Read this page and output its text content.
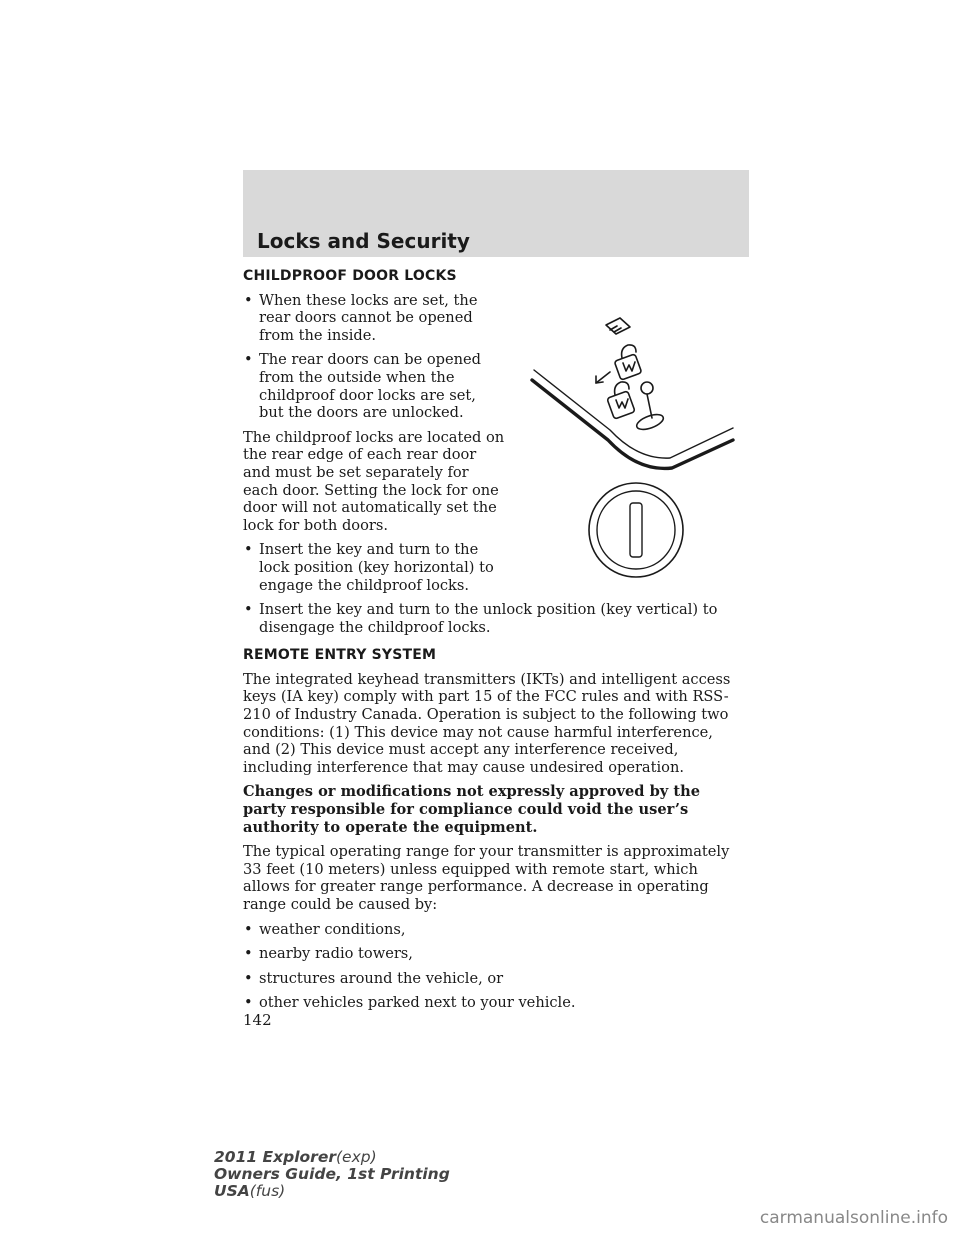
Locks and Security
CHILDPROOF DOOR LOCKS
• When these locks are set, the rear doors cannot be opened from the inside.
• The rear doors can be opened from the outside when the childproof door locks are set, but the doors are unlocked.

The childproof locks are located on the rear edge of each rear door and must be set separately for each door. Setting the lock for one door will not automatically set the lock for both doors.

• Insert the key and turn to the lock position (key horizontal) to engage the childproof locks.
• Insert the key and turn to the unlock position (key vertical) to disengage the childproof locks.
REMOTE ENTRY SYSTEM

The integrated keyhead transmitters (IKTs) and intelligent access keys (IA key) comply with part 15 of the FCC rules and with RSS-210 of Industry Canada. Operation is subject to the following two conditions: (1) This device may not cause harmful interference, and (2) This device must accept any interference received, including interference that may cause undesired operation.

Changes or modifications not expressly approved by the party responsible for compliance could void the user’s authority to operate the equipment.

The typical operating range for your transmitter is approximately 33 feet (10 meters) unless equipped with remote start, which allows for greater range performance. A decrease in operating range could be caused by:

• weather conditions,
• nearby radio towers,
• structures around the vehicle, or
• other vehicles parked next to your vehicle.
142
2011 Explorer(exp)
Owners Guide, 1st Printing
USA(fus)
carmanualsonline.info
